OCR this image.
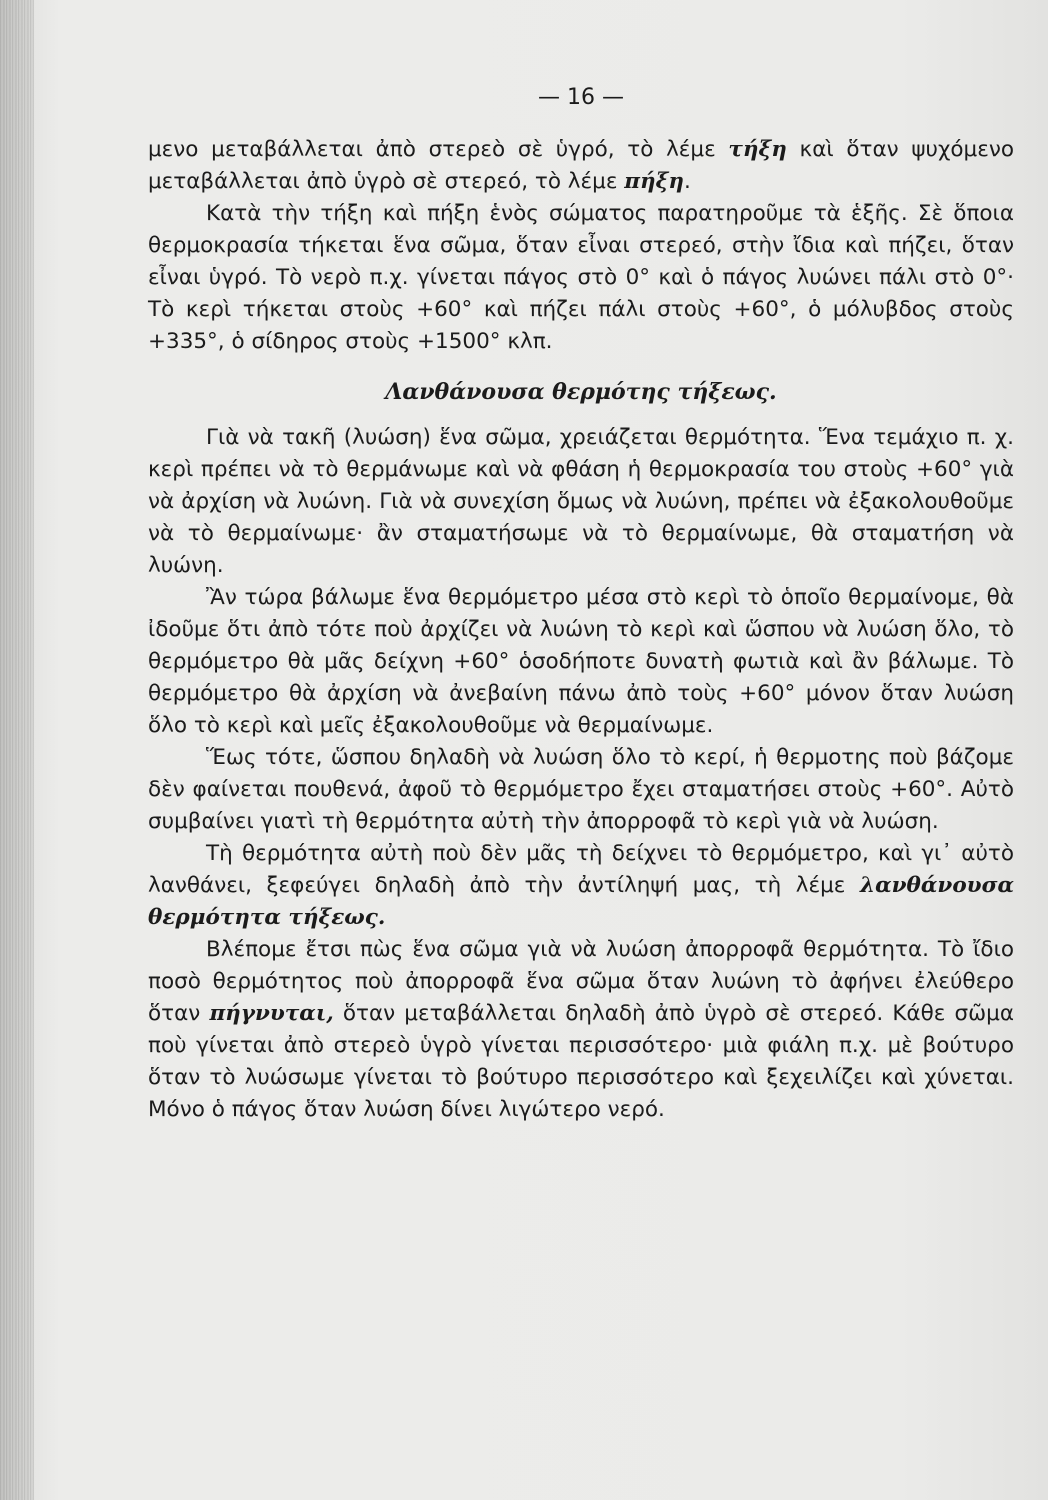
— 16 —

μενο μεταβάλλεται ἀπὸ στερεὸ σὲ ὑγρό, τὸ λέμε τήξη καὶ ὅταν ψυχόμενο μεταβάλλεται ἀπὸ ὑγρὸ σὲ στερεό, τὸ λέμε πήξη.

Κατὰ τὴν τήξη καὶ πήξη ἑνὸς σώματος παρατηροῦμε τὰ ἑξῆς. Σὲ ὅποια θερμοκρασία τήκεται ἕνα σῶμα, ὅταν εἶναι στερεό, στὴν ἴδια καὶ πήζει, ὅταν εἶναι ὑγρό. Τὸ νερὸ π.χ. γίνεται πάγος στὸ 0° καὶ ὁ πάγος λυώνει πάλι στὸ 0°· Τὸ κερὶ τήκεται στοὺς +60° καὶ πήζει πάλι στοὺς +60°, ὁ μόλυβδος στοὺς +335°, ὁ σίδηρος στοὺς +1500° κλπ.

Λανθάνουσα θερμότης τήξεως.

Γιὰ νὰ τακῆ (λυώση) ἕνα σῶμα, χρειάζεται θερμότητα. Ἕνα τεμάχιο π. χ. κερὶ πρέπει νὰ τὸ θερμάνωμε καὶ νὰ φθάση ἡ θερμοκρασία του στοὺς +60° γιὰ νὰ ἀρχίση νὰ λυώνη. Γιὰ νὰ συνεχίση ὅμως νὰ λυώνη, πρέπει νὰ ἐξακολουθοῦμε νὰ τὸ θερμαίνωμε· ἂν σταματήσωμε νὰ τὸ θερμαίνωμε, θὰ σταματήση νὰ λυώνη.

Ἂν τώρα βάλωμε ἕνα θερμόμετρο μέσα στὸ κερὶ τὸ ὁποῖο θερμαίνομε, θὰ ἰδοῦμε ὅτι ἀπὸ τότε ποὺ ἀρχίζει νὰ λυώνη τὸ κερὶ καὶ ὥσπου νὰ λυώση ὅλο, τὸ θερμόμετρο θὰ μᾶς δείχνη +60° ὁσοδήποτε δυνατὴ φωτιὰ καὶ ἂν βάλωμε. Τὸ θερμόμετρο θὰ ἀρχίση νὰ ἀνεβαίνη πάνω ἀπὸ τοὺς +60° μόνον ὅταν λυώση ὅλο τὸ κερὶ καὶ μεῖς ἐξακολουθοῦμε νὰ θερμαίνωμε.

Ἕως τότε, ὥσπου δηλαδὴ νὰ λυώση ὅλο τὸ κερί, ἡ θερμοτης ποὺ βάζομε δὲν φαίνεται πουθενά, ἀφοῦ τὸ θερμόμετρο ἔχει σταματήσει στοὺς +60°. Αὐτὸ συμβαίνει γιατὶ τὴ θερμότητα αὐτὴ τὴν ἀπορροφᾶ τὸ κερὶ γιὰ νὰ λυώση.

Τὴ θερμότητα αὐτὴ ποὺ δὲν μᾶς τὴ δείχνει τὸ θερμόμετρο, καὶ γι᾽ αὐτὸ λανθάνει, ξεφεύγει δηλαδὴ ἀπὸ τὴν ἀντίληψή μας, τὴ λέμε λανθάνουσα θερμότητα τήξεως.

Βλέπομε ἔτσι πὼς ἕνα σῶμα γιὰ νὰ λυώση ἀπορροφᾶ θερμότητα. Τὸ ἴδιο ποσὸ θερμότητος ποὺ ἀπορροφᾶ ἕνα σῶμα ὅταν λυώνη τὸ ἀφήνει ἐλεύθερο ὅταν πήγνυται, ὅταν μεταβάλλεται δηλαδὴ ἀπὸ ὑγρὸ σὲ στερεό. Κάθε σῶμα ποὺ γίνεται ἀπὸ στερεὸ ὑγρὸ γίνεται περισσότερο· μιὰ φιάλη π.χ. μὲ βούτυρο ὅταν τὸ λυώσωμε γίνεται τὸ βούτυρο περισσότερο καὶ ξεχειλίζει καὶ χύνεται. Μόνο ὁ πάγος ὅταν λυώση δίνει λιγώτερο νερό.
